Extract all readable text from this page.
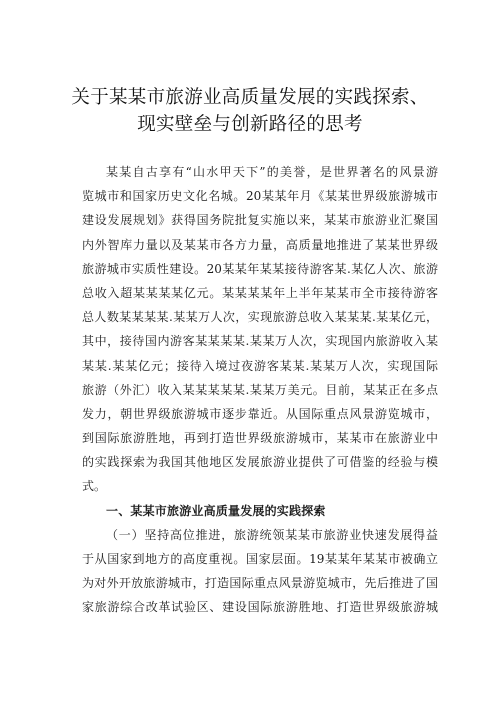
关于某某市旅游业高质量发展的实践探索、
现实壁垒与创新路径的思考
某某自古享有“山水甲天下”的美誉，是世界著名的风景游
览城市和国家历史文化名城。20某某年月《某某世界级旅游城市
建设发展规划》获得国务院批复实施以来，某某市旅游业汇聚国
内外智库力量以及某某市各方力量，高质量地推进了某某世界级
旅游城市实质性建设。20某某年某某接待游客某.某亿人次、旅游
总收入超某某某某亿元。某某某某年上半年某某市全市接待游客
总人数某某某某.某某万人次，实现旅游总收入某某某.某某亿元，
其中，接待国内游客某某某某.某某万人次，实现国内旅游收入某
某某.某某亿元；接待入境过夜游客某某.某某万人次，实现国际
旅游（外汇）收入某某某某某.某某万美元。目前，某某正在多点
发力，朝世界级旅游城市逐步靠近。从国际重点风景游览城市，
到国际旅游胜地，再到打造世界级旅游城市，某某市在旅游业中
的实践探索为我国其他地区发展旅游业提供了可借鉴的经验与模
式。
一、某某市旅游业高质量发展的实践探索
（一）坚持高位推进，旅游统领某某市旅游业快速发展得益
于从国家到地方的高度重视。国家层面。19某某年某某市被确立
为对外开放旅游城市，打造国际重点风景游览城市，先后推进了国
家旅游综合改革试验区、建设国际旅游胜地、打造世界级旅游城
